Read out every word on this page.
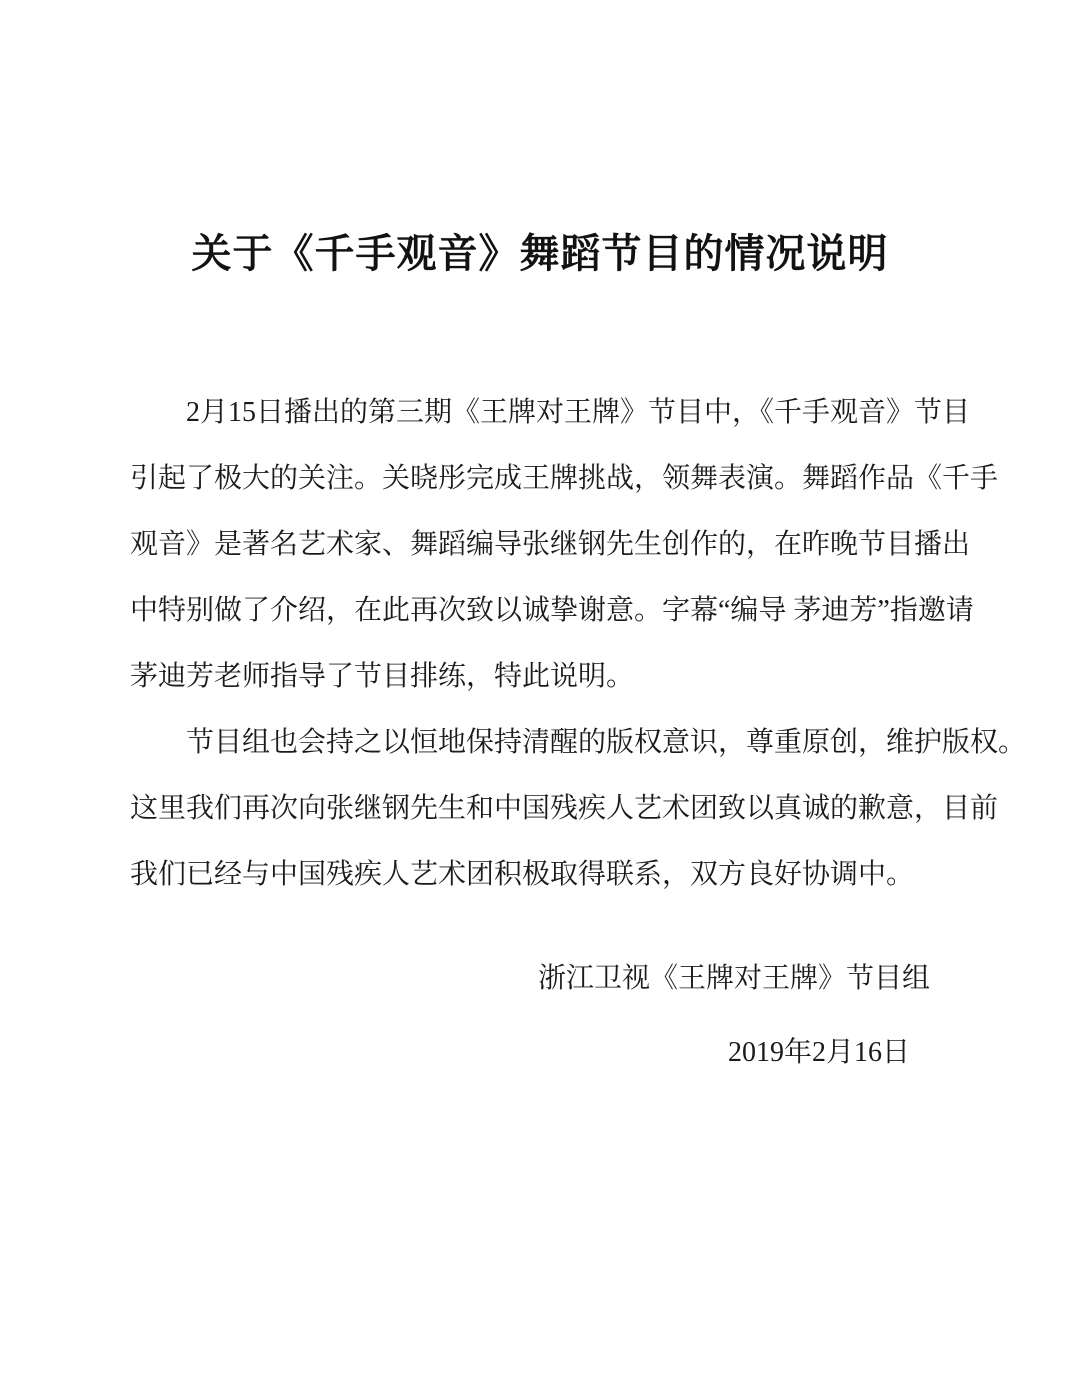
关于《千手观音》舞蹈节目的情况说明
2月15日播出的第三期《王牌对王牌》节目中，《千手观音》节目
引起了极大的关注。关晓彤完成王牌挑战，领舞表演。舞蹈作品《千手
观音》是著名艺术家、舞蹈编导张继钢先生创作的，在昨晚节目播出
中特别做了介绍，在此再次致以诚挚谢意。字幕“编导 茅迪芳”指邀请
茅迪芳老师指导了节目排练，特此说明。
节目组也会持之以恒地保持清醒的版权意识，尊重原创，维护版权。
这里我们再次向张继钢先生和中国残疾人艺术团致以真诚的歉意，目前
我们已经与中国残疾人艺术团积极取得联系，双方良好协调中。
浙江卫视《王牌对王牌》节目组
2019年2月16日
